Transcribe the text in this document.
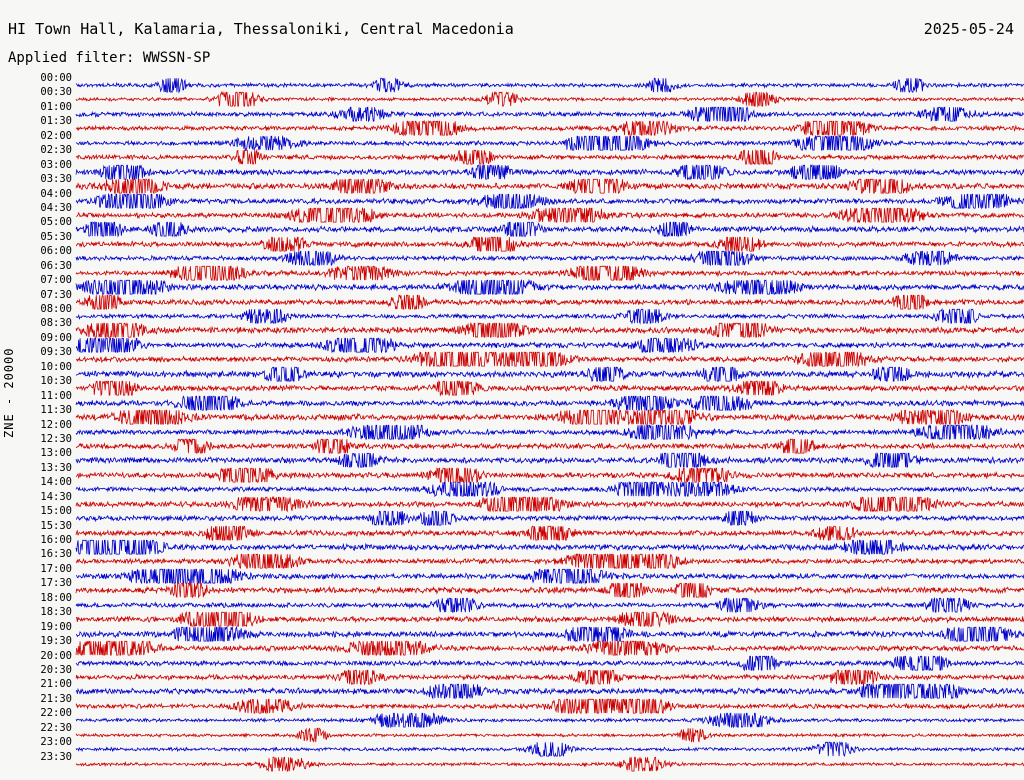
HI Town Hall, Kalamaria, Thessaloniki, Central Macedonia	2025-05-24
Applied filter: WWSSN-SP
ZNE - 20000
00:00
00:30
01:00
01:30
02:00
02:30
03:00
03:30
04:00
04:30
05:00
05:30
06:00
06:30
07:00
07:30
08:00
08:30
09:00
09:30
10:00
10:30
11:00
11:30
12:00
12:30
13:00
13:30
14:00
14:30
15:00
15:30
16:00
16:30
17:00
17:30
18:00
18:30
19:00
19:30
20:00
20:30
21:00
21:30
22:00
22:30
23:00
23:30
